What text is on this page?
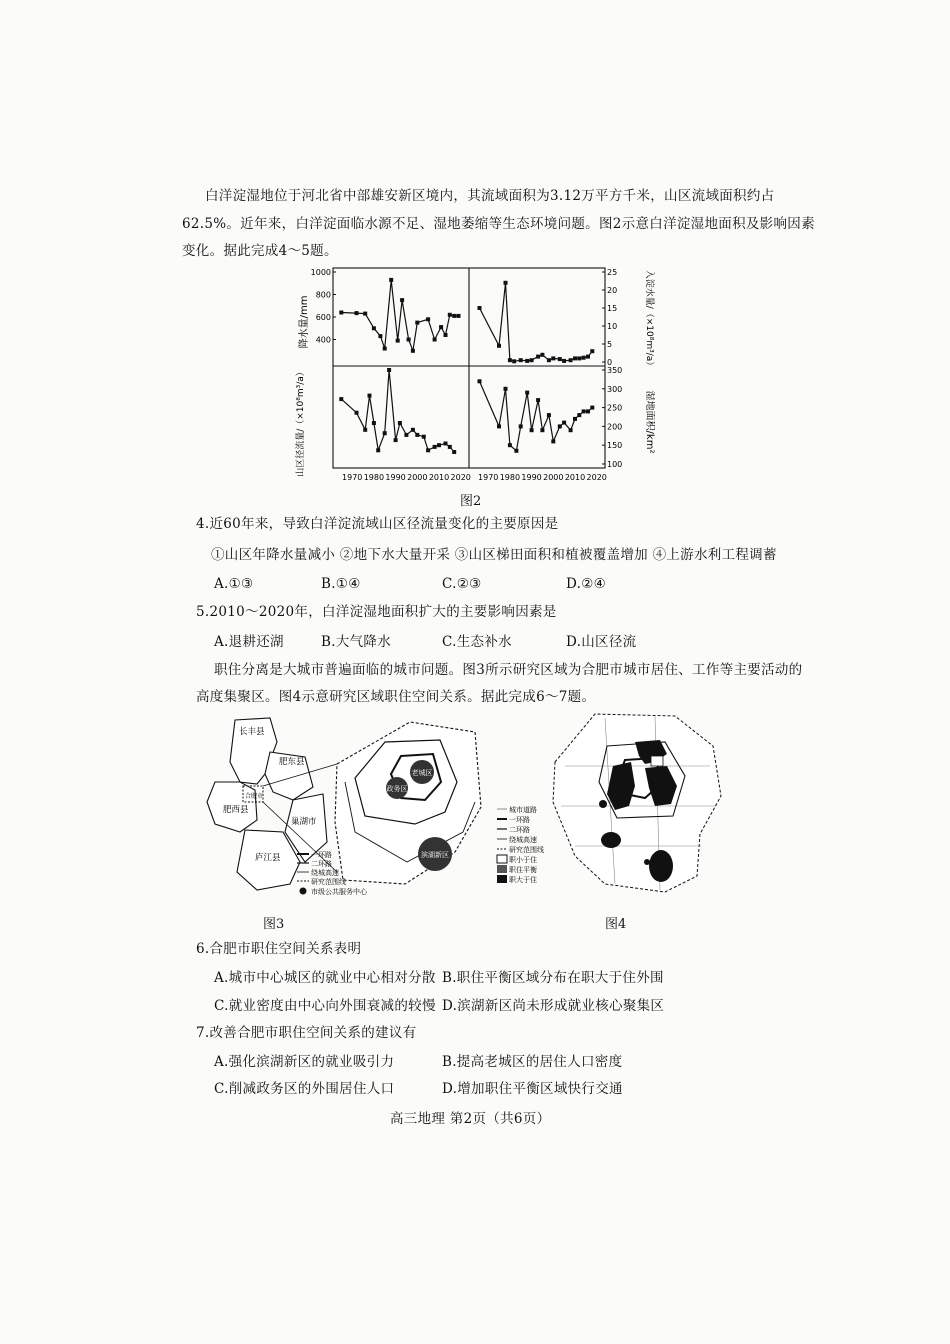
白洋淀湿地位于河北省中部雄安新区境内，其流域面积为3.12万平方千米，山区流域面积约占
62.5%。近年来，白洋淀面临水源不足、湿地萎缩等生态环境问题。图2示意白洋淀湿地面积及影响因素
变化。据此完成4～5题。
1000
800
600
400
25
20
15
10
5
0
350
300
250
200
150
100
1970 1980 1990 2000 2010 2020 1970 1980 1990 2000 2010 2020
降水量/mm	入淀水量/（×10⁸m³/a）
山区径流量/（×10⁸m³/a）	湿地面积/km²
图2
4.近60年来，导致白洋淀流域山区径流量变化的主要原因是
①山区年降水量减小 ②地下水大量开采 ③山区梯田面积和植被覆盖增加 ④上游水利工程调蓄
A.①③	B.①④	C.②③	D.②④
5.2010～2020年，白洋淀湿地面积扩大的主要影响因素是
A.退耕还湖	B.大气降水	C.生态补水	D.山区径流
职住分离是大城市普遍面临的城市问题。图3所示研究区域为合肥市城市居住、工作等主要活动的
高度集聚区。图4示意研究区域职住空间关系。据此完成6～7题。
长丰县
肥东县
肥西县
巢湖市
庐江县
合肥市
老城区
政务区
滨湖新区
一环路
二环路
绕城高速
研究范围线
市级公共服务中心
图3
城市道路
一环路
二环路
绕城高速
研究范围线
职小于住
职住平衡
职大于住
图4
6.合肥市职住空间关系表明
A.城市中心城区的就业中心相对分散 B.职住平衡区域分布在职大于住外围
C.就业密度由中心向外围衰减的较慢 D.滨湖新区尚未形成就业核心聚集区
7.改善合肥市职住空间关系的建议有
A.强化滨湖新区的就业吸引力	B.提高老城区的居住人口密度
C.削减政务区的外围居住人口	D.增加职住平衡区域快行交通
高三地理 第2页（共6页）
